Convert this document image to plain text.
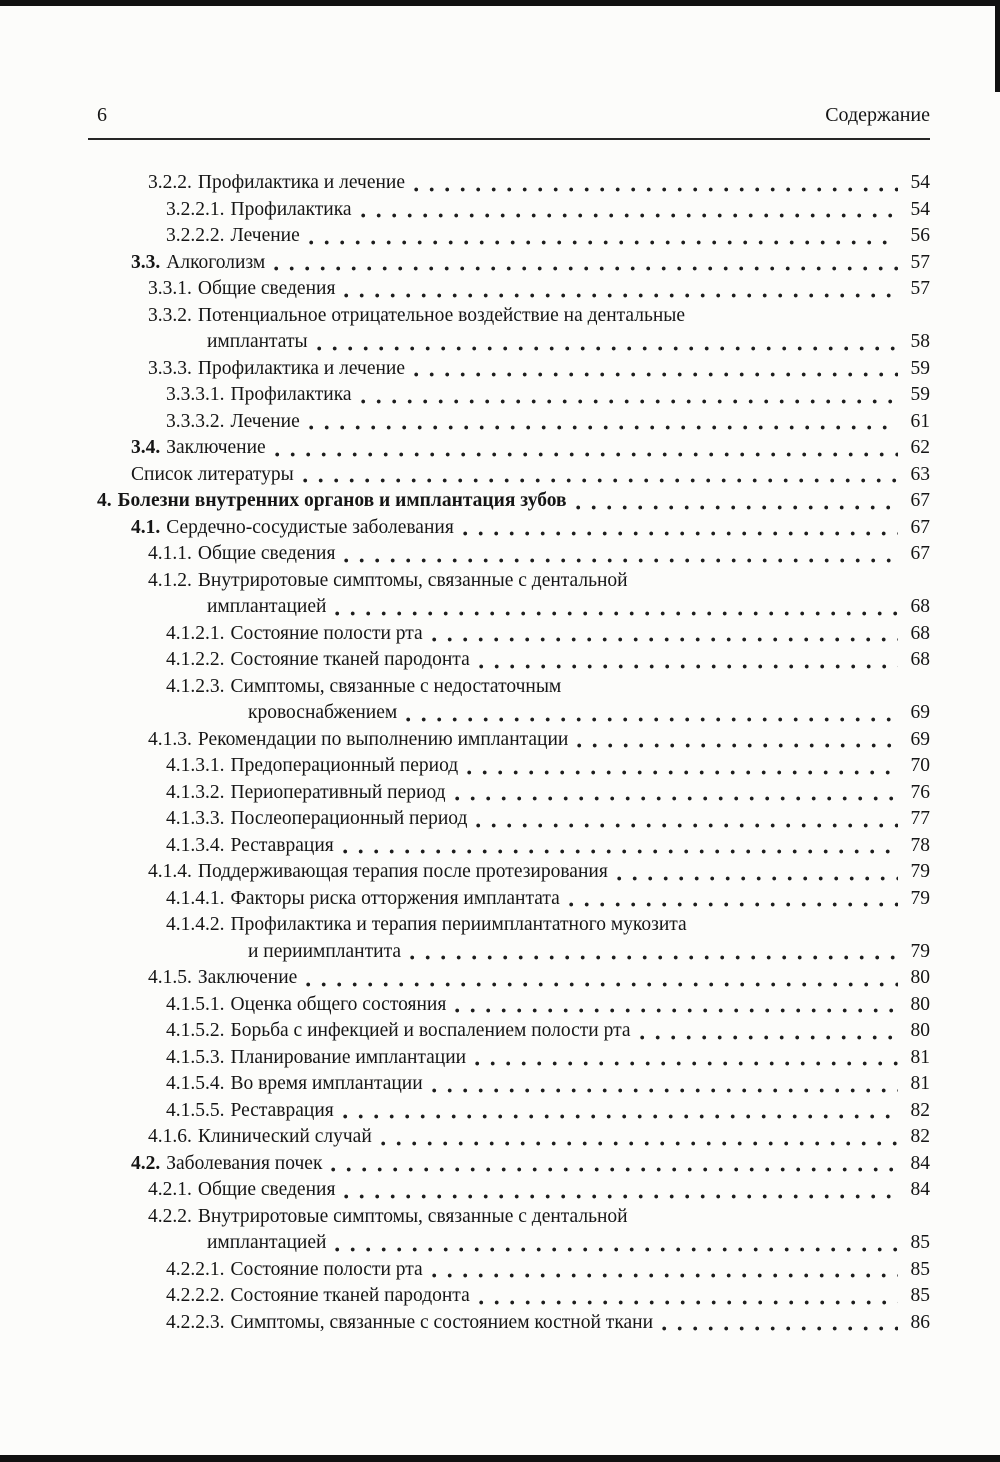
6	Содержание
3.2.2. Профилактика и лечение	54
3.2.2.1. Профилактика	54
3.2.2.2. Лечение	56
3.3. Алкоголизм	57
3.3.1. Общие сведения	57
3.3.2. Потенциальное отрицательное воздействие на дентальные
имплантаты	58
3.3.3. Профилактика и лечение	59
3.3.3.1. Профилактика	59
3.3.3.2. Лечение	61
3.4. Заключение	62
Список литературы	63
4. Болезни внутренних органов и имплантация зубов	67
4.1. Сердечно-сосудистые заболевания	67
4.1.1. Общие сведения	67
4.1.2. Внутриротовые симптомы, связанные с дентальной
имплантацией	68
4.1.2.1. Состояние полости рта	68
4.1.2.2. Состояние тканей пародонта	68
4.1.2.3. Симптомы, связанные с недостаточным
кровоснабжением	69
4.1.3. Рекомендации по выполнению имплантации	69
4.1.3.1. Предоперационный период	70
4.1.3.2. Периоперативный период	76
4.1.3.3. Послеоперационный период	77
4.1.3.4. Реставрация	78
4.1.4. Поддерживающая терапия после протезирования	79
4.1.4.1. Факторы риска отторжения имплантата	79
4.1.4.2. Профилактика и терапия периимплантатного мукозита
и периимплантита	79
4.1.5. Заключение	80
4.1.5.1. Оценка общего состояния	80
4.1.5.2. Борьба с инфекцией и воспалением полости рта	80
4.1.5.3. Планирование имплантации	81
4.1.5.4. Во время имплантации	81
4.1.5.5. Реставрация	82
4.1.6. Клинический случай	82
4.2. Заболевания почек	84
4.2.1. Общие сведения	84
4.2.2. Внутриротовые симптомы, связанные с дентальной
имплантацией	85
4.2.2.1. Состояние полости рта	85
4.2.2.2. Состояние тканей пародонта	85
4.2.2.3. Симптомы, связанные с состоянием костной ткани	86
